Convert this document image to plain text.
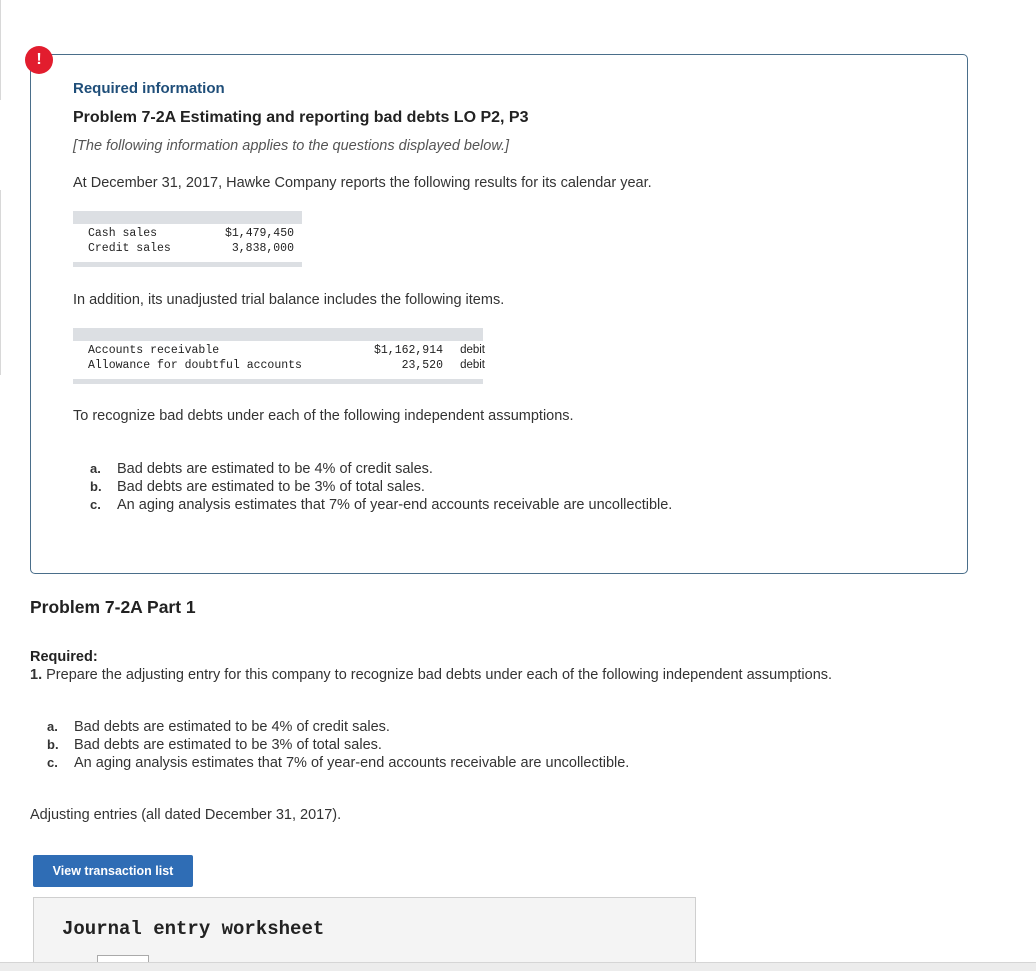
!
Required information
Problem 7-2A Estimating and reporting bad debts LO P2, P3
[The following information applies to the questions displayed below.]
At December 31, 2017, Hawke Company reports the following results for its calendar year.
Cash sales	$1,479,450
Credit sales	3,838,000
In addition, its unadjusted trial balance includes the following items.
Accounts receivable	$1,162,914	debit
Allowance for doubtful accounts	23,520	debit
To recognize bad debts under each of the following independent assumptions.
a. Bad debts are estimated to be 4% of credit sales.
b. Bad debts are estimated to be 3% of total sales.
c. An aging analysis estimates that 7% of year-end accounts receivable are uncollectible.
Problem 7-2A Part 1
Required:
1. Prepare the adjusting entry for this company to recognize bad debts under each of the following independent assumptions.
a. Bad debts are estimated to be 4% of credit sales.
b. Bad debts are estimated to be 3% of total sales.
c. An aging analysis estimates that 7% of year-end accounts receivable are uncollectible.
Adjusting entries (all dated December 31, 2017).
View transaction list
Journal entry worksheet
